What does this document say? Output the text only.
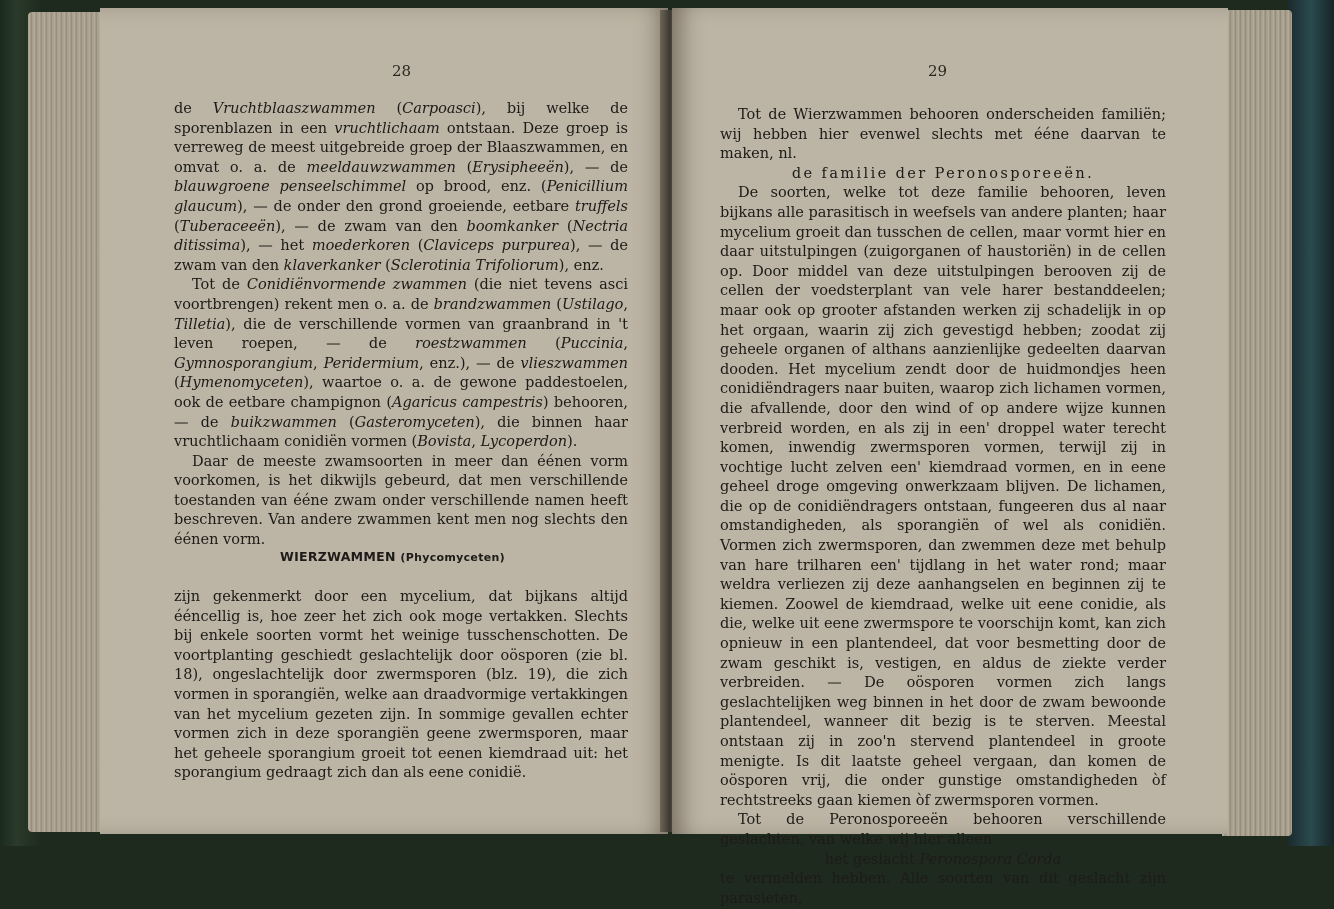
28

de Vruchtblaaszwammen (Carpoasci), bij welke de sporenblazen in een vruchtlichaam ontstaan. Deze groep is verreweg de meest uitgebreide groep der Blaaszwammen, en omvat o. a. de meeldauwzwammen (Erysipheeën), — de blauwgroene penseelschimmel op brood, enz. (Penicillium glaucum), — de onder den grond groeiende, eetbare truffels (Tuberaceeën), — de zwam van den boomkanker (Nectria ditissima), — het moederkoren (Claviceps purpurea), — de zwam van den klaverkanker (Sclerotinia Trifoliorum), enz.

Tot de Conidiënvormende zwammen (die niet tevens asci voortbrengen) rekent men o. a. de brandzwammen (Ustilago, Tilletia), die de verschillende vormen van graanbrand in 't leven roepen, — de roestzwammen (Puccinia, Gymnosporangium, Peridermium, enz.), — de vlieszwammen (Hymenomyceten), waartoe o. a. de gewone paddestoelen, ook de eetbare champignon (Agaricus campestris) behooren, — de buikzwammen (Gasteromyceten), die binnen haar vruchtlichaam conidiën vormen (Bovista, Lycoperdon).

Daar de meeste zwamsoorten in meer dan éénen vorm voorkomen, is het dikwijls gebeurd, dat men verschillende toestanden van ééne zwam onder verschillende namen heeft beschreven. Van andere zwammen kent men nog slechts den éénen vorm.

WIERZWAMMEN (Phycomyceten)

zijn gekenmerkt door een mycelium, dat bijkans altijd ééncellig is, hoe zeer het zich ook moge vertakken. Slechts bij enkele soorten vormt het weinige tusschenschotten. De voortplanting geschiedt geslachtelijk door oösporen (zie bl. 18), ongeslachtelijk door zwermsporen (blz. 19), die zich vormen in sporangiën, welke aan draadvormige vertakkingen van het mycelium gezeten zijn. In sommige gevallen echter vormen zich in deze sporangiën geene zwermsporen, maar het geheele sporangium groeit tot eenen kiemdraad uit: het sporangium gedraagt zich dan als eene conidië.

29

Tot de Wierzwammen behooren onderscheiden familiën; wij hebben hier evenwel slechts met ééne daarvan te maken, nl.

de familie der Peronosporeeën.

De soorten, welke tot deze familie behooren, leven bijkans alle parasitisch in weefsels van andere planten; haar mycelium groeit dan tusschen de cellen, maar vormt hier en daar uitstulpingen (zuigorganen of haustoriën) in de cellen op. Door middel van deze uitstulpingen berooven zij de cellen der voedsterplant van vele harer bestanddeelen; maar ook op grooter afstanden werken zij schadelijk in op het orgaan, waarin zij zich gevestigd hebben; zoodat zij geheele organen of althans aanzienlijke gedeelten daarvan dooden. Het mycelium zendt door de huidmondjes heen conidiëndragers naar buiten, waarop zich lichamen vormen, die afvallende, door den wind of op andere wijze kunnen verbreid worden, en als zij in een' droppel water terecht komen, inwendig zwermsporen vormen, terwijl zij in vochtige lucht zelven een' kiemdraad vormen, en in eene geheel droge omgeving onwerkzaam blijven. De lichamen, die op de conidiëndragers ontstaan, fungeeren dus al naar omstandigheden, als sporangiën of wel als conidiën. Vormen zich zwermsporen, dan zwemmen deze met behulp van hare trilharen een' tijdlang in het water rond; maar weldra verliezen zij deze aanhangselen en beginnen zij te kiemen. Zoowel de kiemdraad, welke uit eene conidie, als die, welke uit eene zwermspore te voorschijn komt, kan zich opnieuw in een plantendeel, dat voor besmetting door de zwam geschikt is, vestigen, en aldus de ziekte verder verbreiden. — De oösporen vormen zich langs geslachtelijken weg binnen in het door de zwam bewoonde plantendeel, wanneer dit bezig is te sterven. Meestal ontstaan zij in zoo'n stervend plantendeel in groote menigte. Is dit laatste geheel vergaan, dan komen de oösporen vrij, die onder gunstige omstandigheden òf rechtstreeks gaan kiemen òf zwermsporen vormen.

Tot de Peronosporeeën behooren verschillende geslachten, van welke wij hier alleen

het geslacht Peronospora Corda

te vermelden hebben. Alle soorten van dit geslacht zijn parasieten,
